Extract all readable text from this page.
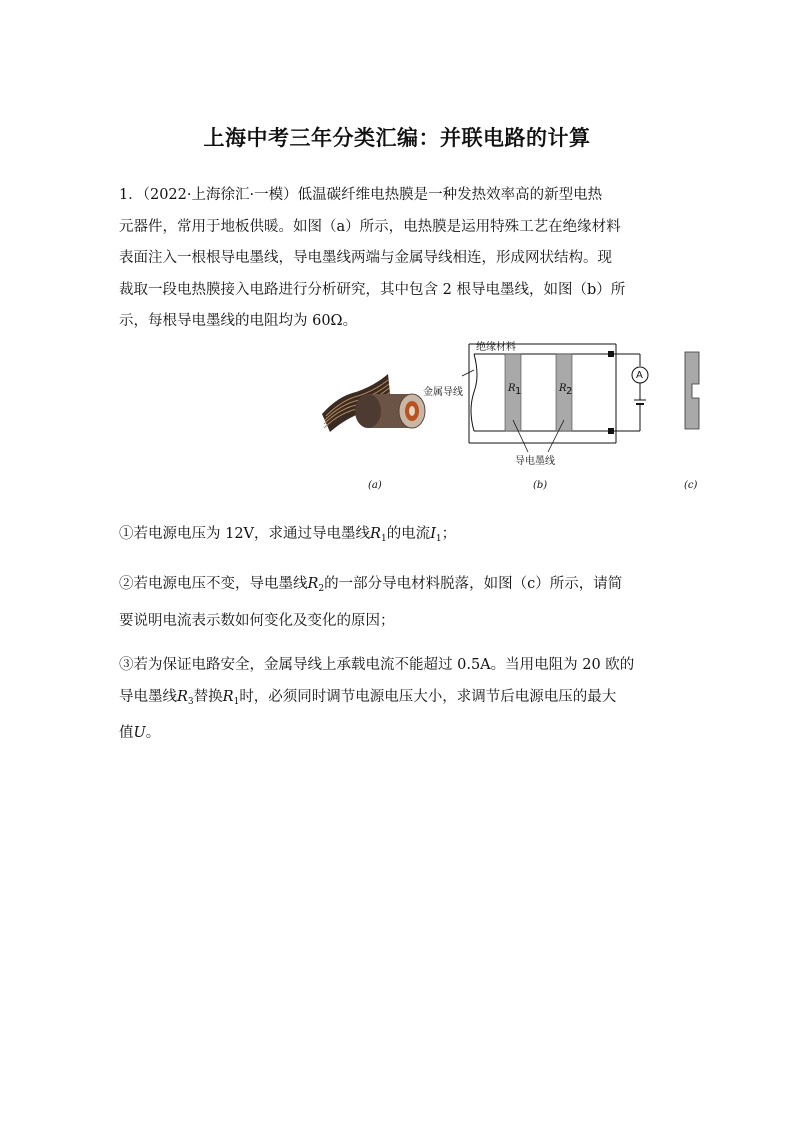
上海中考三年分类汇编：并联电路的计算
1．（2022·上海徐汇·一模）低温碳纤维电热膜是一种发热效率高的新型电热
元器件，常用于地板供暖。如图（a）所示，电热膜是运用特殊工艺在绝缘材料
表面注入一根根导电墨线，导电墨线两端与金属导线相连，形成网状结构。现
裁取一段电热膜接入电路进行分析研究，其中包含 2 根导电墨线，如图（b）所
示，每根导电墨线的电阻均为 60Ω。
绝缘材料
金属导线	R 1	R 2
A
导电墨线
(a)	(b)	(c)
①若电源电压为 12V，求通过导电墨线$R_1$的电流$I_1$；
②若电源电压不变，导电墨线$R_2$的一部分导电材料脱落，如图（c）所示，请简
要说明电流表示数如何变化及变化的原因；
③若为保证电路安全，金属导线上承载电流不能超过 0.5A。当用电阻为 20 欧的
导电墨线$R_3$替换$R_1$时，必须同时调节电源电压大小，求调节后电源电压的最大
值U。
